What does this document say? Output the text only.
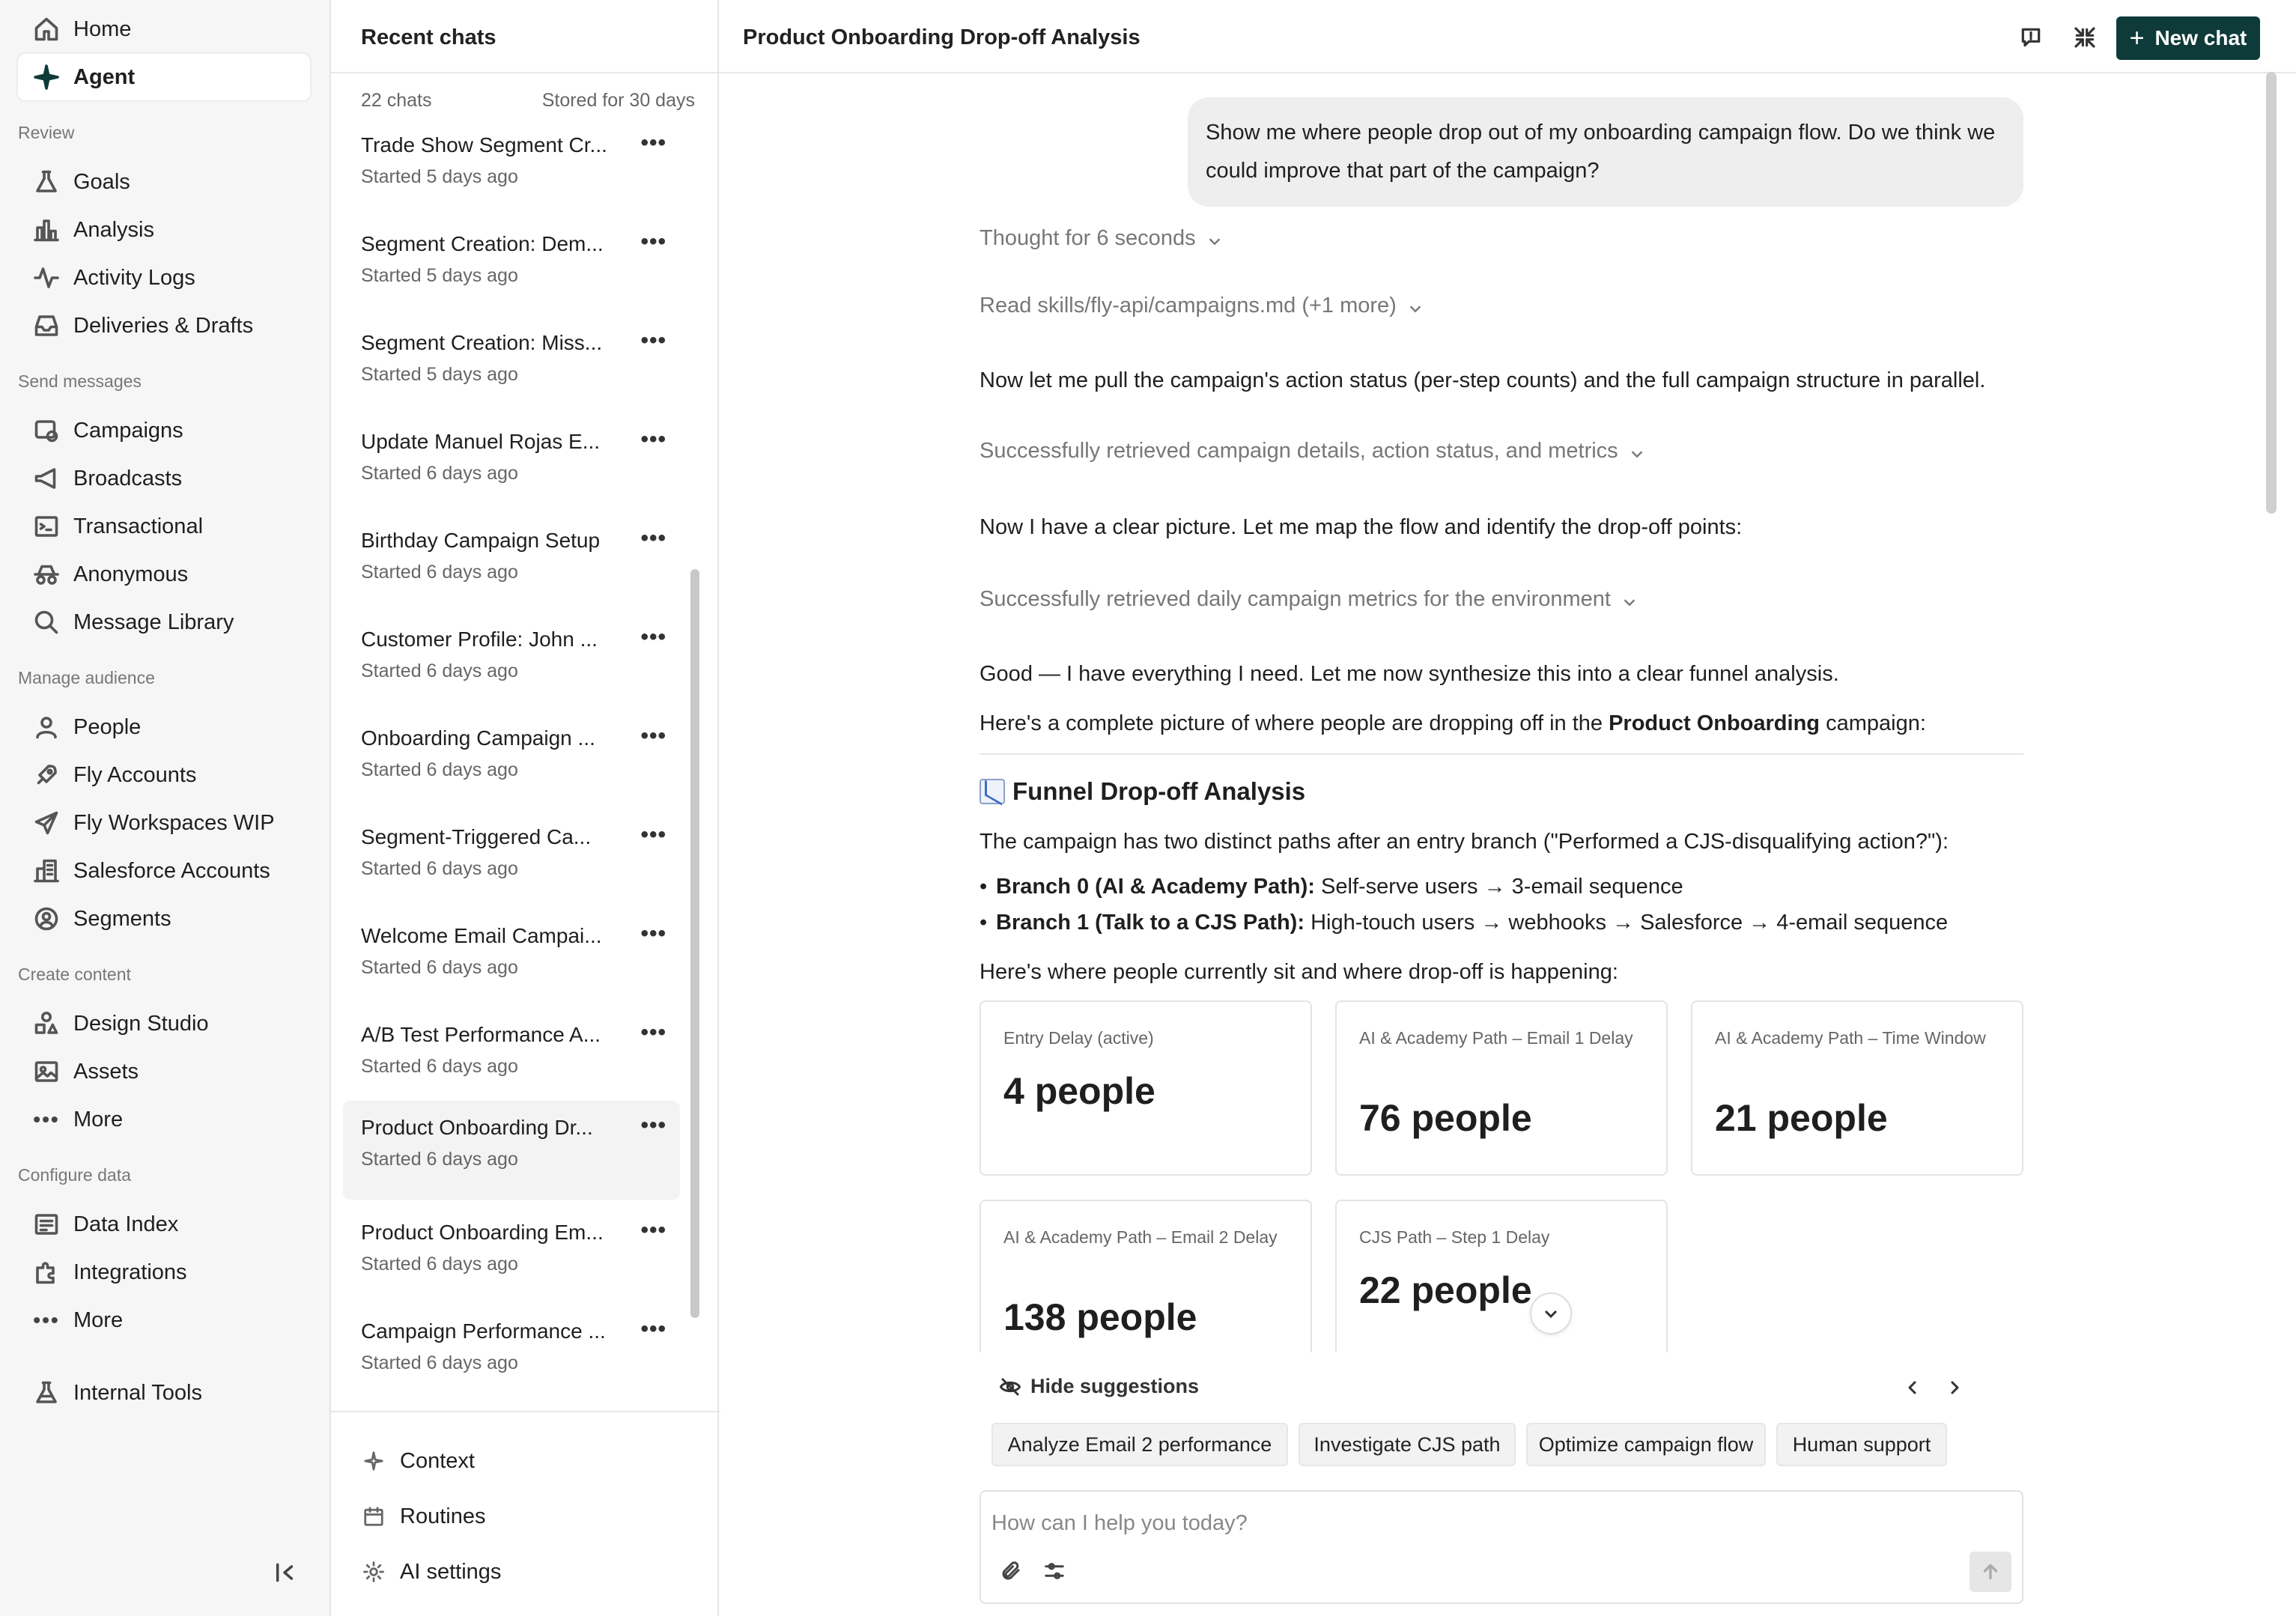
Home
Agent
Review
Goals
Analysis
Activity Logs
Deliveries & Drafts
Send messages
Campaigns
Broadcasts
Transactional
Anonymous
Message Library
Manage audience
People
Fly Accounts
Fly Workspaces WIP
Salesforce Accounts
Segments
Create content
Design Studio
Assets
••• More
Configure data
Data Index
Integrations
••• More
Internal Tools
Recent chats
22 chats	Stored for 30 days
Trade Show Segment Cr...
Started 5 days ago
•••
Segment Creation: Dem...
Started 5 days ago
•••
Segment Creation: Miss...
Started 5 days ago
•••
Update Manuel Rojas E...
Started 6 days ago
•••
Birthday Campaign Setup
Started 6 days ago
•••
Customer Profile: John ...
Started 6 days ago
•••
Onboarding Campaign ...
Started 6 days ago
•••
Segment-Triggered Ca...
Started 6 days ago
•••
Welcome Email Campai...
Started 6 days ago
•••
A/B Test Performance A...
Started 6 days ago
•••
Product Onboarding Dr...
Started 6 days ago
•••
Product Onboarding Em...
Started 6 days ago
•••
Campaign Performance ...
Started 6 days ago
•••
Context
Routines
AI settings
Product Onboarding Drop-off Analysis	+ New chat
Show me where people drop out of my onboarding campaign flow. Do we think we could improve that part of the campaign?
Thought for 6 seconds
Read skills/fly-api/campaigns.md (+1 more)
Now let me pull the campaign's action status (per-step counts) and the full campaign structure in parallel.
Successfully retrieved campaign details, action status, and metrics
Now I have a clear picture. Let me map the flow and identify the drop-off points:
Successfully retrieved daily campaign metrics for the environment
Good — I have everything I need. Let me now synthesize this into a clear funnel analysis.
Here's a complete picture of where people are dropping off in the Product Onboarding campaign:
Funnel Drop-off Analysis
The campaign has two distinct paths after an entry branch ("Performed a CJS-disqualifying action?"):
• Branch 0 (AI & Academy Path): Self-serve users → 3-email sequence
• Branch 1 (Talk to a CJS Path): High-touch users → webhooks → Salesforce → 4-email sequence
Here's where people currently sit and where drop-off is happening:
Entry Delay (active)
4 people
AI & Academy Path – Email 1 Delay
76 people
AI & Academy Path – Time Window
21 people
AI & Academy Path – Email 2 Delay
138 people
CJS Path – Step 1 Delay
22 people
Hide suggestions
Analyze Email 2 performance	Investigate CJS path	Optimize campaign flow	Human support
How can I help you today?
